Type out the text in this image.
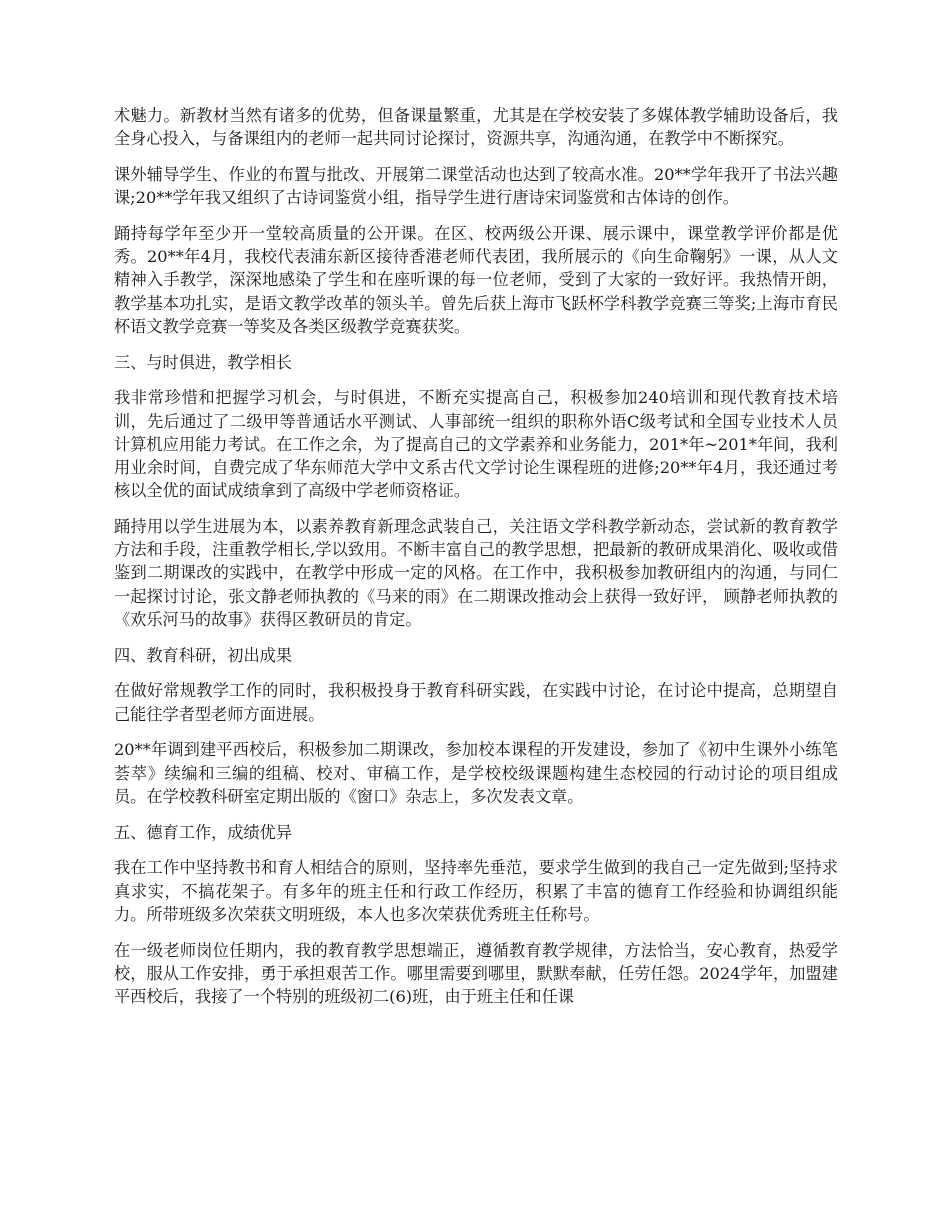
术魅力。新教材当然有诸多的优势，但备课量繁重，尤其是在学校安装了多媒体教学辅助设备后，我全身心投入，与备课组内的老师一起共同讨论探讨，资源共享，沟通沟通，在教学中不断探究。

课外辅导学生、作业的布置与批改、开展第二课堂活动也达到了较高水准。20**学年我开了书法兴趣课;20**学年我又组织了古诗词鉴赏小组，指导学生进行唐诗宋词鉴赏和古体诗的创作。

踊持每学年至少开一堂较高质量的公开课。在区、校两级公开课、展示课中，课堂教学评价都是优秀。20**年4月，我校代表浦东新区接待香港老师代表团，我所展示的《向生命鞠躬》一课，从人文精神入手教学，深深地感染了学生和在座听课的每一位老师，受到了大家的一致好评。我热情开朗，教学基本功扎实，是语文教学改革的领头羊。曾先后获上海市飞跃杯学科教学竞赛三等奖;上海市育民杯语文教学竞赛一等奖及各类区级教学竞赛获奖。

三、与时俱进，教学相长

我非常珍惜和把握学习机会，与时俱进，不断充实提高自己，积极参加240培训和现代教育技术培训，先后通过了二级甲等普通话水平测试、人事部统一组织的职称外语C级考试和全国专业技术人员计算机应用能力考试。在工作之余，为了提高自己的文学素养和业务能力，201*年~201*年间，我利用业余时间，自费完成了华东师范大学中文系古代文学讨论生课程班的进修;20**年4月，我还通过考核以全优的面试成绩拿到了高级中学老师资格证。

踊持用以学生进展为本，以素养教育新理念武装自己，关注语文学科教学新动态，尝试新的教育教学方法和手段，注重教学相长,学以致用。不断丰富自己的教学思想，把最新的教研成果消化、吸收或借鉴到二期课改的实践中，在教学中形成一定的风格。在工作中，我积极参加教研组内的沟通，与同仁一起探讨讨论，张文静老师执教的《马来的雨》在二期课改推动会上获得一致好评， 顾静老师执教的《欢乐河马的故事》获得区教研员的肯定。

四、教育科研，初出成果

在做好常规教学工作的同时，我积极投身于教育科研实践，在实践中讨论，在讨论中提高，总期望自己能往学者型老师方面进展。

20**年调到建平西校后，积极参加二期课改，参加校本课程的开发建设，参加了《初中生课外小练笔荟萃》续编和三编的组稿、校对、审稿工作，是学校校级课题构建生态校园的行动讨论的项目组成员。在学校教科研室定期出版的《窗口》杂志上，多次发表文章。

五、德育工作，成绩优异

我在工作中坚持教书和育人相结合的原则，坚持率先垂范，要求学生做到的我自己一定先做到;坚持求真求实，不搞花架子。有多年的班主任和行政工作经历，积累了丰富的德育工作经验和协调组织能力。所带班级多次荣获文明班级，本人也多次荣获优秀班主任称号。

在一级老师岗位任期内，我的教育教学思想端正，遵循教育教学规律，方法恰当，安心教育，热爱学校，服从工作安排，勇于承担艰苦工作。哪里需要到哪里，默默奉献，任劳任怨。2024学年，加盟建平西校后，我接了一个特别的班级初二(6)班，由于班主任和任课
